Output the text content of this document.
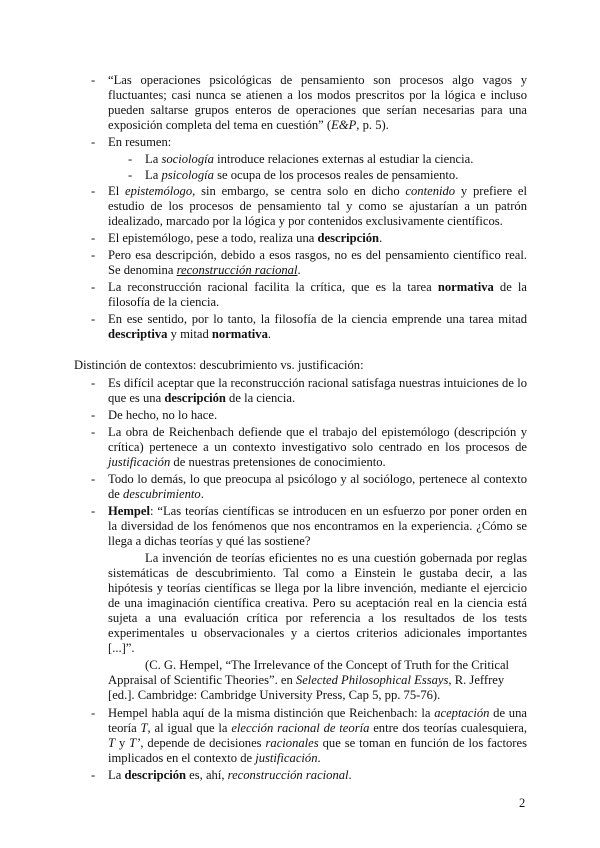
- “Las operaciones psicológicas de pensamiento son procesos algo vagos y fluctuantes; casi nunca se atienen a los modos prescritos por la lógica e incluso pueden saltarse grupos enteros de operaciones que serían necesarias para una exposición completa del tema en cuestión” (E&P, p. 5).
- En resumen:
- La sociología introduce relaciones externas al estudiar la ciencia.
- La psicología se ocupa de los procesos reales de pensamiento.
- El epistemólogo, sin embargo, se centra solo en dicho contenido y prefiere el estudio de los procesos de pensamiento tal y como se ajustarían a un patrón idealizado, marcado por la lógica y por contenidos exclusivamente científicos.
- El epistemólogo, pese a todo, realiza una descripción.
- Pero esa descripción, debido a esos rasgos, no es del pensamiento científico real. Se denomina reconstrucción racional.
- La reconstrucción racional facilita la crítica, que es la tarea normativa de la filosofía de la ciencia.
- En ese sentido, por lo tanto, la filosofía de la ciencia emprende una tarea mitad descriptiva y mitad normativa.
Distinción de contextos: descubrimiento vs. justificación:
- Es difícil aceptar que la reconstrucción racional satisfaga nuestras intuiciones de lo que es una descripción de la ciencia.
- De hecho, no lo hace.
- La obra de Reichenbach defiende que el trabajo del epistemólogo (descripción y crítica) pertenece a un contexto investigativo solo centrado en los procesos de justificación de nuestras pretensiones de conocimiento.
- Todo lo demás, lo que preocupa al psicólogo y al sociólogo, pertenece al contexto de descubrimiento.
- Hempel: “Las teorías científicas se introducen en un esfuerzo por poner orden en la diversidad de los fenómenos que nos encontramos en la experiencia. ¿Cómo se llega a dichas teorías y qué las sostiene?
La invención de teorías eficientes no es una cuestión gobernada por reglas sistemáticas de descubrimiento. Tal como a Einstein le gustaba decir, a las hipótesis y teorías científicas se llega por la libre invención, mediante el ejercicio de una imaginación científica creativa. Pero su aceptación real en la ciencia está sujeta a una evaluación crítica por referencia a los resultados de los tests experimentales u observacionales y a ciertos criterios adicionales importantes [...]”.
(C. G. Hempel, “The Irrelevance of the Concept of Truth for the Critical Appraisal of Scientific Theories”. en Selected Philosophical Essays, R. Jeffrey [ed.]. Cambridge: Cambridge University Press, Cap 5, pp. 75-76).
- Hempel habla aquí de la misma distinción que Reichenbach: la aceptación de una teoría T, al igual que la elección racional de teoría entre dos teorías cualesquiera, T y T’, depende de decisiones racionales que se toman en función de los factores implicados en el contexto de justificación.
- La descripción es, ahí, reconstrucción racional.
2
